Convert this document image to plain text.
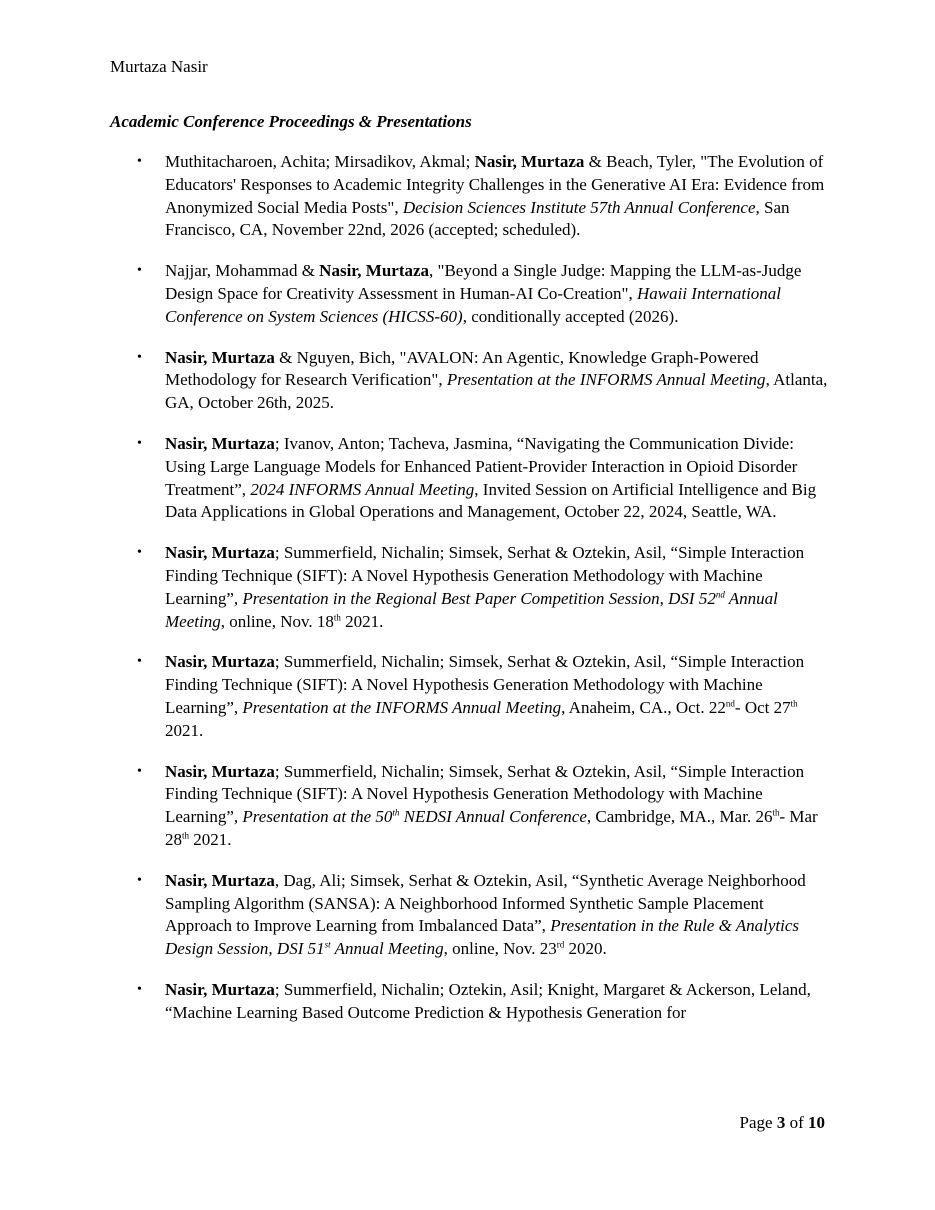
Murtaza Nasir
Academic Conference Proceedings & Presentations
• Muthitacharoen, Achita; Mirsadikov, Akmal; Nasir, Murtaza & Beach, Tyler, "The Evolution of Educators' Responses to Academic Integrity Challenges in the Generative AI Era: Evidence from Anonymized Social Media Posts", Decision Sciences Institute 57th Annual Conference, San Francisco, CA, November 22nd, 2026 (accepted; scheduled).
• Najjar, Mohammad & Nasir, Murtaza, "Beyond a Single Judge: Mapping the LLM-as-Judge Design Space for Creativity Assessment in Human-AI Co-Creation", Hawaii International Conference on System Sciences (HICSS-60), conditionally accepted (2026).
• Nasir, Murtaza & Nguyen, Bich, "AVALON: An Agentic, Knowledge Graph-Powered Methodology for Research Verification", Presentation at the INFORMS Annual Meeting, Atlanta, GA, October 26th, 2025.
• Nasir, Murtaza; Ivanov, Anton; Tacheva, Jasmina, “Navigating the Communication Divide: Using Large Language Models for Enhanced Patient-Provider Interaction in Opioid Disorder Treatment”, 2024 INFORMS Annual Meeting, Invited Session on Artificial Intelligence and Big Data Applications in Global Operations and Management, October 22, 2024, Seattle, WA.
• Nasir, Murtaza; Summerfield, Nichalin; Simsek, Serhat & Oztekin, Asil, “Simple Interaction Finding Technique (SIFT): A Novel Hypothesis Generation Methodology with Machine Learning”, Presentation in the Regional Best Paper Competition Session, DSI 52nd Annual Meeting, online, Nov. 18th 2021.
• Nasir, Murtaza; Summerfield, Nichalin; Simsek, Serhat & Oztekin, Asil, “Simple Interaction Finding Technique (SIFT): A Novel Hypothesis Generation Methodology with Machine Learning”, Presentation at the INFORMS Annual Meeting, Anaheim, CA., Oct. 22nd- Oct 27th 2021.
• Nasir, Murtaza; Summerfield, Nichalin; Simsek, Serhat & Oztekin, Asil, “Simple Interaction Finding Technique (SIFT): A Novel Hypothesis Generation Methodology with Machine Learning”, Presentation at the 50th NEDSI Annual Conference, Cambridge, MA., Mar. 26th- Mar 28th 2021.
• Nasir, Murtaza, Dag, Ali; Simsek, Serhat & Oztekin, Asil, “Synthetic Average Neighborhood Sampling Algorithm (SANSA): A Neighborhood Informed Synthetic Sample Placement Approach to Improve Learning from Imbalanced Data”, Presentation in the Rule & Analytics Design Session, DSI 51st Annual Meeting, online, Nov. 23rd 2020.
• Nasir, Murtaza; Summerfield, Nichalin; Oztekin, Asil; Knight, Margaret & Ackerson, Leland, “Machine Learning Based Outcome Prediction & Hypothesis Generation for
Page 3 of 10
